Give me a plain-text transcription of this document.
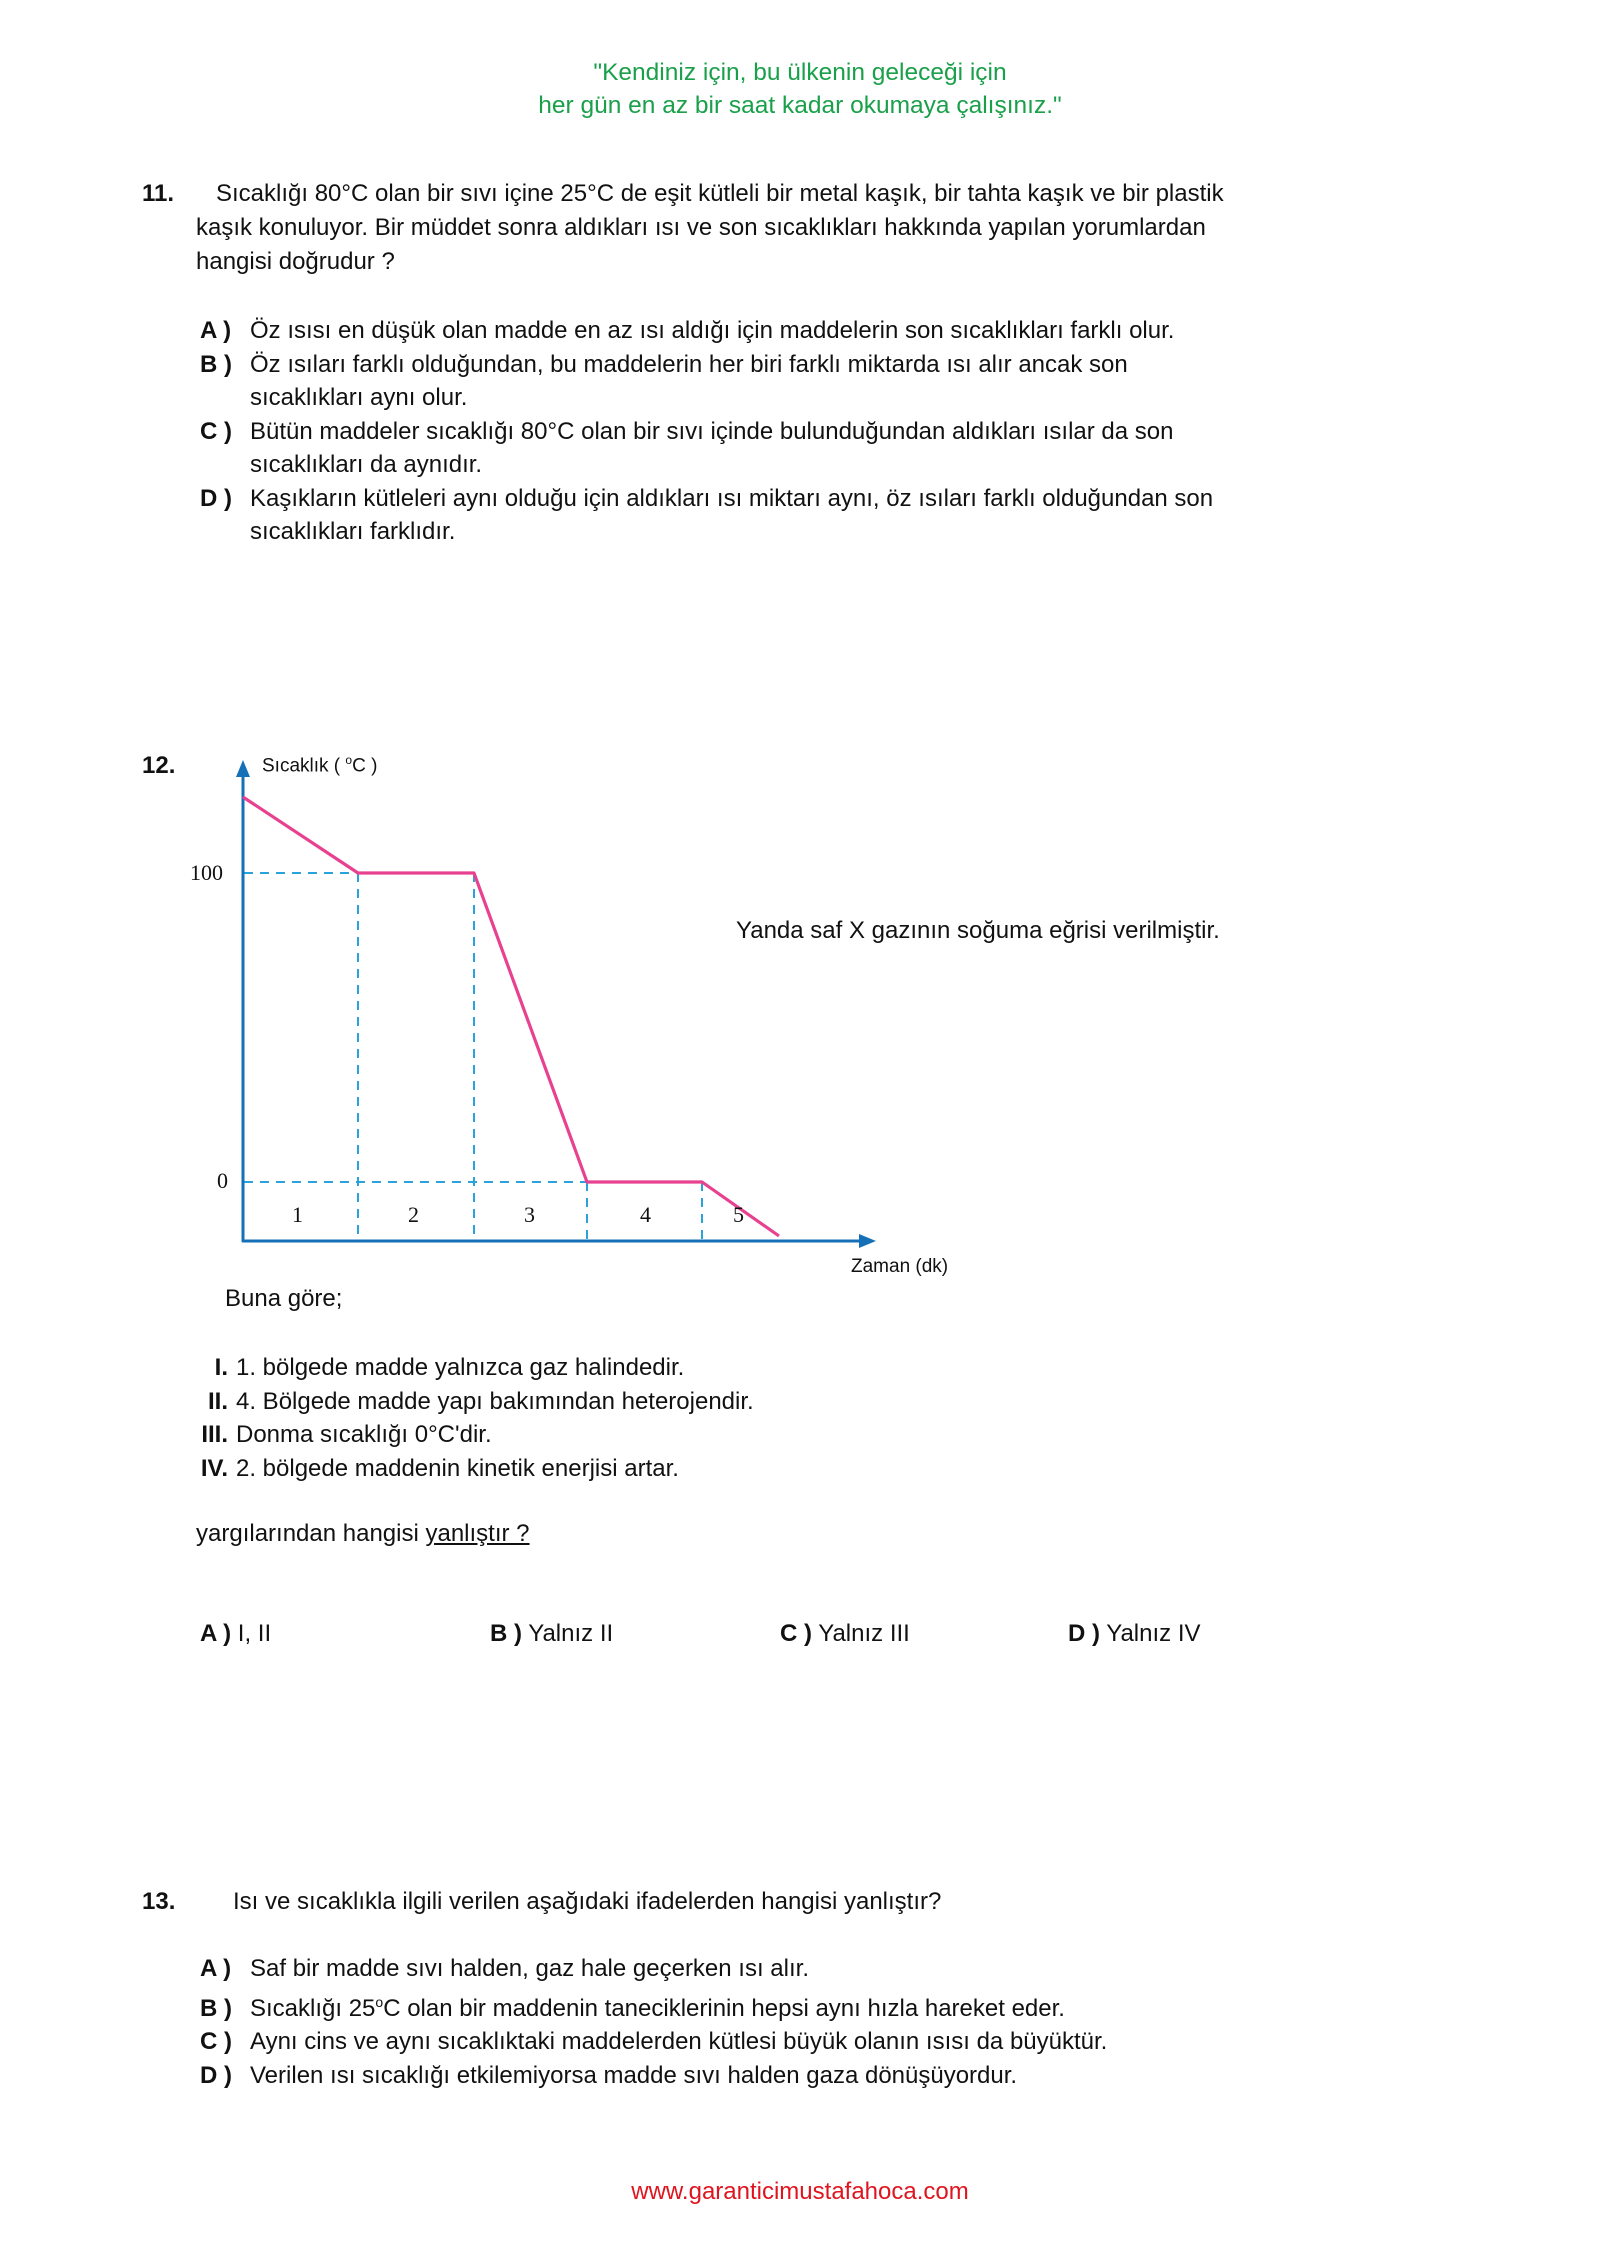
"Kendiniz için, bu ülkenin geleceği için
her gün en az bir saat kadar okumaya çalışınız."
11.	Sıcaklığı 80°C olan bir sıvı içine 25°C de eşit kütleli bir metal kaşık, bir tahta kaşık ve bir plastik
kaşık konuluyor. Bir müddet sonra aldıkları ısı ve son sıcaklıkları hakkında yapılan yorumlardan
hangisi doğrudur ?
A ) Öz ısısı en düşük olan madde en az ısı aldığı için maddelerin son sıcaklıkları farklı olur.
B ) Öz ısıları farklı olduğundan, bu maddelerin her biri farklı miktarda ısı alır ancak son
sıcaklıkları aynı olur.
C ) Bütün maddeler sıcaklığı 80°C olan bir sıvı içinde bulunduğundan aldıkları ısılar da son
sıcaklıkları da aynıdır.
D ) Kaşıkların kütleleri aynı olduğu için aldıkları ısı miktarı aynı, öz ısıları farklı olduğundan son
sıcaklıkları farklıdır.
12.	Sıcaklık ( $^o$C )
100
0
1	2	3	4	5
Zaman (dk)
Yanda saf X gazının soğuma eğrisi verilmiştir.
Buna göre;
I. 1. bölgede madde yalnızca gaz halindedir.
II. 4. Bölgede madde yapı bakımından heterojendir.
III. Donma sıcaklığı 0°C'dir.
IV. 2. bölgede maddenin kinetik enerjisi artar.
yargılarından hangisi yanlıştır ?
A ) I, II	B ) Yalnız II	C ) Yalnız III	D ) Yalnız IV
13. Isı ve sıcaklıkla ilgili verilen aşağıdaki ifadelerden hangisi yanlıştır?
A ) Saf bir madde sıvı halden, gaz hale geçerken ısı alır.
B ) Sıcaklığı 25$^o$C olan bir maddenin taneciklerinin hepsi aynı hızla hareket eder.
C ) Aynı cins ve aynı sıcaklıktaki maddelerden kütlesi büyük olanın ısısı da büyüktür.
D ) Verilen ısı sıcaklığı etkilemiyorsa madde sıvı halden gaza dönüşüyordur.
www.garanticimustafahoca.com
